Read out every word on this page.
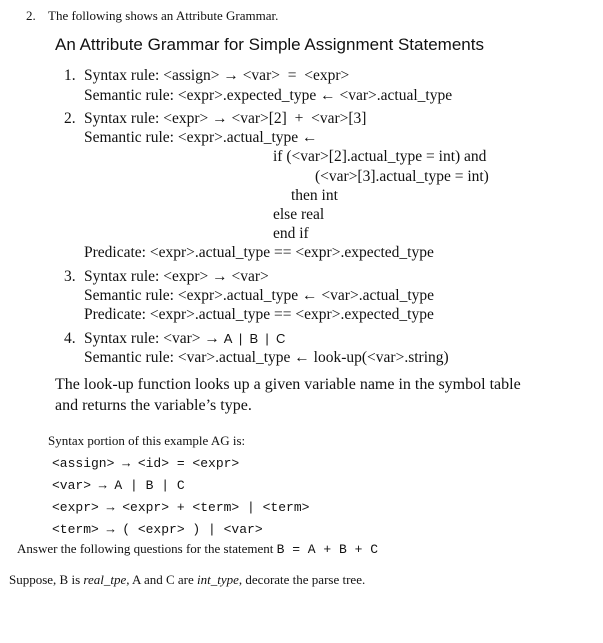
2. The following shows an Attribute Grammar.
An Attribute Grammar for Simple Assignment Statements
1. Syntax rule: <assign> → <var>  =  <expr>
Semantic rule: <expr>.expected_type ← <var>.actual_type
2. Syntax rule: <expr> → <var>[2]  +  <var>[3]
Semantic rule: <expr>.actual_type ←
if (<var>[2].actual_type = int) and
(<var>[3].actual_type = int)
then int
else real
end if
Predicate: <expr>.actual_type == <expr>.expected_type
3. Syntax rule: <expr> → <var>
Semantic rule: <expr>.actual_type ← <var>.actual_type
Predicate: <expr>.actual_type == <expr>.expected_type
4. Syntax rule: <var> → A  |  B  |  C
Semantic rule: <var>.actual_type ← look-up(<var>.string)
The look-up function looks up a given variable name in the symbol table
and returns the variable’s type.
Syntax portion of this example AG is:
<assign> → <id> = <expr>
<var> → A | B | C
<expr> → <expr> + <term> | <term>
<term> → ( <expr> ) | <var>
Answer the following questions for the statement B = A + B + C
Suppose, B is real_tpe, A and C are int_type, decorate the parse tree.
